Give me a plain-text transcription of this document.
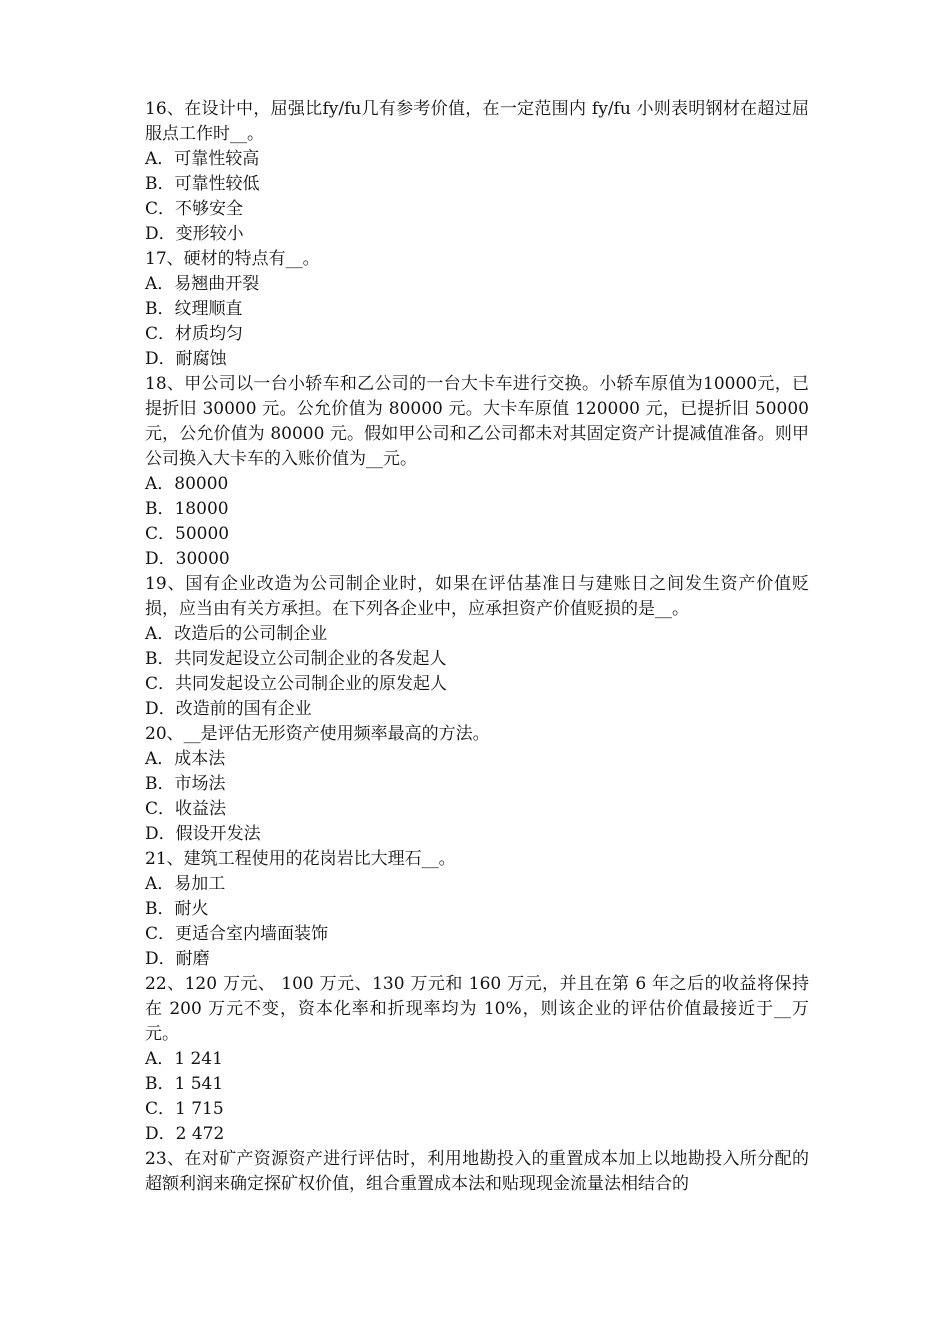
16、在设计中，屈强比fy/fu几有参考价值，在一定范围内 fy/fu 小则表明钢材在超过屈服点工作时__。

A．可靠性较高

B．可靠性较低

C．不够安全

D．变形较小

17、硬材的特点有__。

A．易翘曲开裂

B．纹理顺直

C．材质均匀

D．耐腐蚀

18、甲公司以一台小轿车和乙公司的一台大卡车进行交换。小轿车原值为10000元，已提折旧 30000 元。公允价值为 80000 元。大卡车原值 120000 元，已提折旧 50000 元，公允价值为 80000 元。假如甲公司和乙公司都未对其固定资产计提减值准备。则甲公司换入大卡车的入账价值为__元。

A．80000

B．18000

C．50000

D．30000

19、国有企业改造为公司制企业时，如果在评估基准日与建账日之间发生资产价值贬损，应当由有关方承担。在下列各企业中，应承担资产价值贬损的是__。

A．改造后的公司制企业

B．共同发起设立公司制企业的各发起人

C．共同发起设立公司制企业的原发起人

D．改造前的国有企业

20、__是评估无形资产使用频率最高的方法。

A．成本法

B．市场法

C．收益法

D．假设开发法

21、建筑工程使用的花岗岩比大理石__。

A．易加工

B．耐火

C．更适合室内墙面装饰

D．耐磨

22、120 万元、 100 万元、130 万元和 160 万元，并且在第 6 年之后的收益将保持在 200 万元不变，资本化率和折现率均为 10%，则该企业的评估价值最接近于__万元。

A．1 241

B．1 541

C．1 715

D．2 472

23、在对矿产资源资产进行评估时，利用地勘投入的重置成本加上以地勘投入所分配的超额利润来确定探矿权价值，组合重置成本法和贴现现金流量法相结合的
